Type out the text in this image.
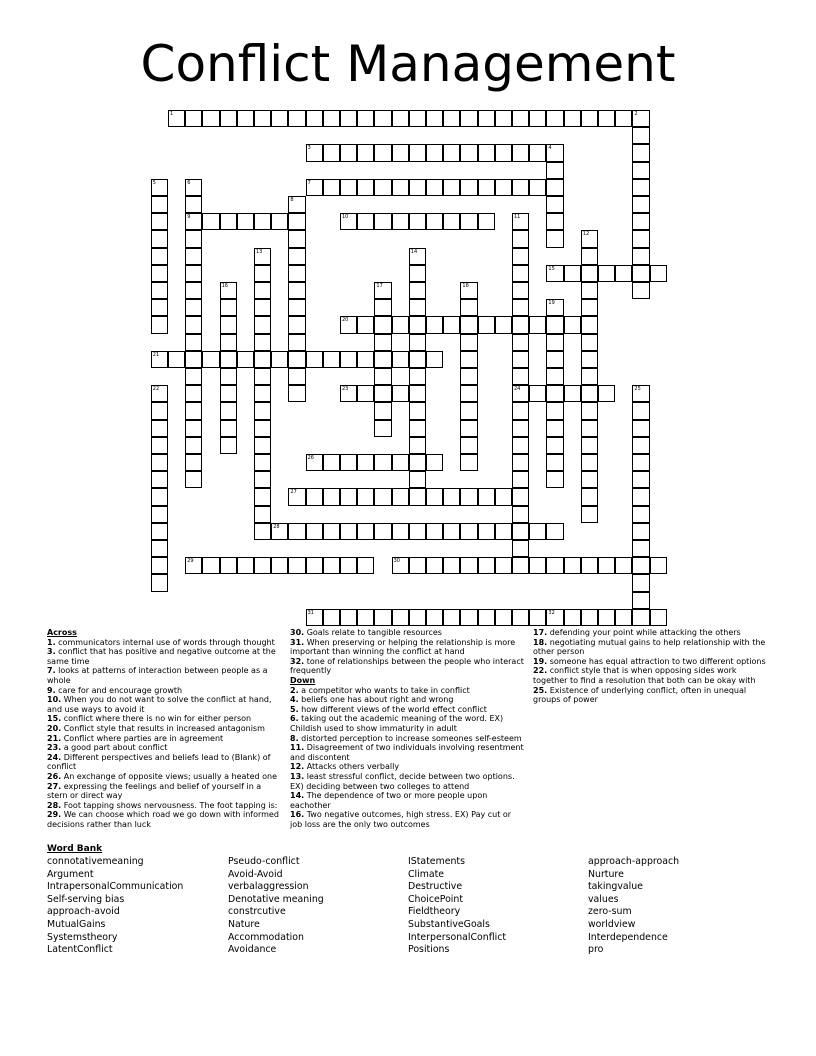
Conflict Management
1	2
3	4
5	6
9
7
8
10	11
24
12
13	14
15
16	17	18
19
20
21
22	23	25
26
27
28
29	30
31	32
Across
1. communicators internal use of words through thought
3. conflict that has positive and negative outcome at the same time
7. looks at patterns of interaction between people as a whole
9. care for and encourage growth
10. When you do not want to solve the conflict at hand, and use ways to avoid it
15. conflict where there is no win for either person
20. Conflict style that results in increased antagonism
21. Conflict where parties are in agreement
23. a good part about conflict
24. Different perspectives and beliefs lead to (Blank) of conflict
26. An exchange of opposite views; usually a heated one
27. expressing the feelings and belief of yourself in a stern or direct way
28. Foot tapping shows nervousness. The foot tapping is:
29. We can choose which road we go down with informed decisions rather than luck
30. Goals relate to tangible resources
31. When preserving or helping the relationship is more important than winning the conflict at hand
32. tone of relationships between the people who interact frequently
Down
2. a competitor who wants to take in conflict
4. beliefs one has about right and wrong
5. how different views of the world effect conflict
6. taking out the academic meaning of the word. EX) Childish used to show immaturity in adult
8. distorted perception to increase someones self-esteem
11. Disagreement of two individuals involving resentment and discontent
12. Attacks others verbally
13. least stressful conflict, decide between two options. EX) deciding between two colleges to attend
14. The dependence of two or more people upon eachother
16. Two negative outcomes, high stress. EX) Pay cut or job loss are the only two outcomes
17. defending your point while attacking the others
18. negotiating mutual gains to help relationship with the other person
19. someone has equal attraction to two different options
22. conflict style that is when opposing sides work together to find a resolution that both can be okay with
25. Existence of underlying conflict, often in unequal groups of power
Word Bank
connotativemeaning
Argument
IntrapersonalCommunication
Self-serving bias
approach-avoid
MutualGains
Systemstheory
LatentConflict
Pseudo-conflict
Avoid-Avoid
verbalaggression
Denotative meaning
constrcutive
Nature
Accommodation
Avoidance
IStatements
Climate
Destructive
ChoicePoint
Fieldtheory
SubstantiveGoals
InterpersonalConflict
Positions
approach-approach
Nurture
takingvalue
values
zero-sum
worldview
Interdependence
pro
